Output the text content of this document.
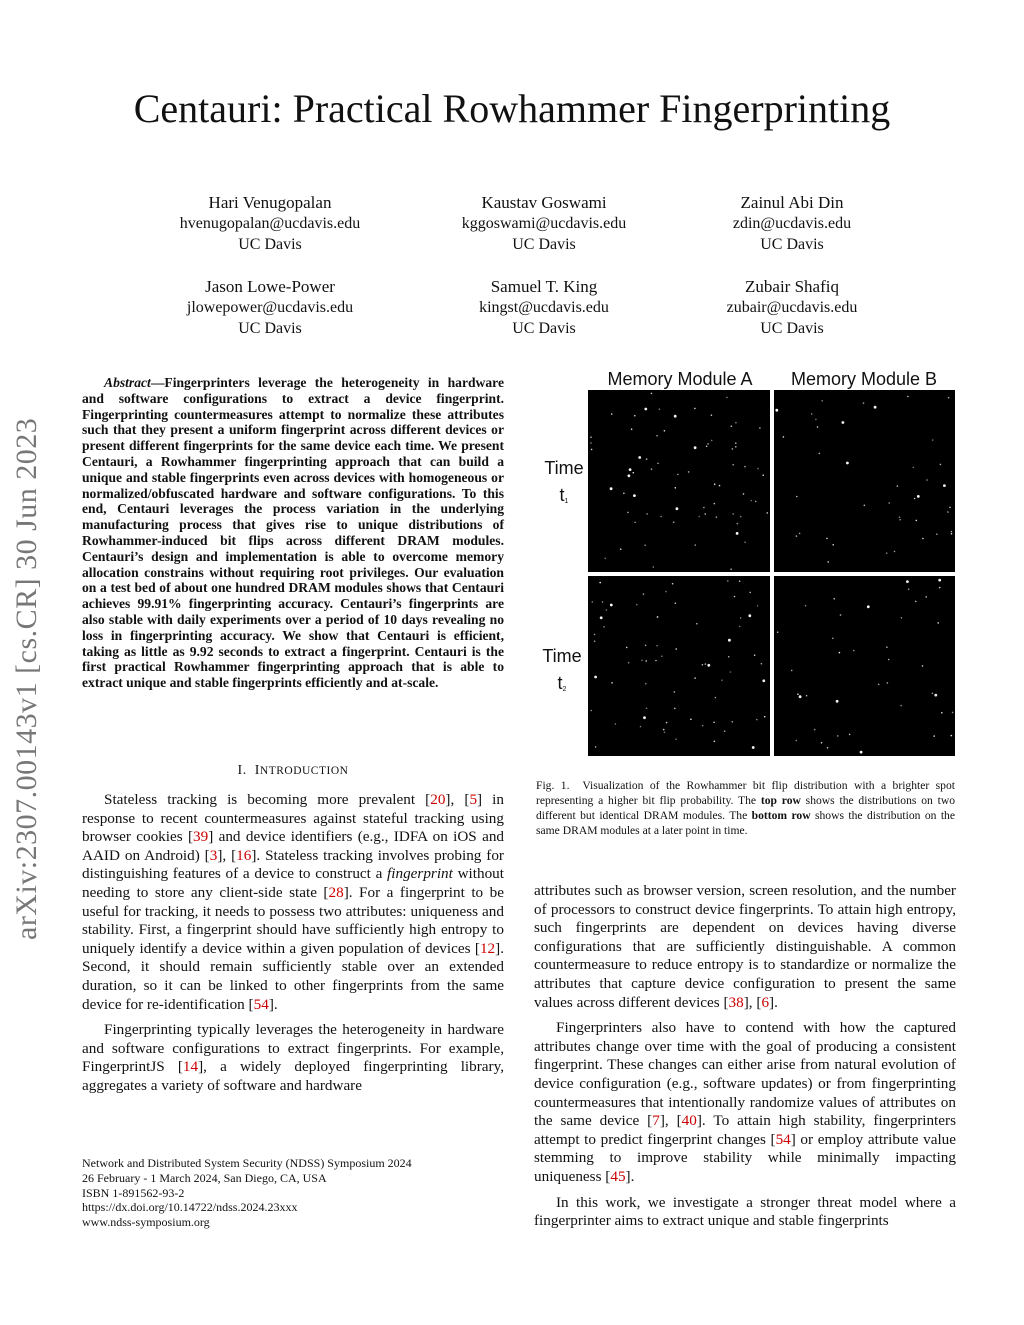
Centauri: Practical Rowhammer Fingerprinting
Hari Venugopalan
hvenugopalan@ucdavis.edu
UC Davis
Kaustav Goswami
kggoswami@ucdavis.edu
UC Davis
Zainul Abi Din
zdin@ucdavis.edu
UC Davis
Jason Lowe-Power
jlowepower@ucdavis.edu
UC Davis
Samuel T. King
kingst@ucdavis.edu
UC Davis
Zubair Shafiq
zubair@ucdavis.edu
UC Davis
arXiv:2307.00143v1 [cs.CR] 30 Jun 2023
Abstract—Fingerprinters leverage the heterogeneity in hardware and software configurations to extract a device fingerprint. Fingerprinting countermeasures attempt to normalize these attributes such that they present a uniform fingerprint across different devices or present different fingerprints for the same device each time. We present Centauri, a Rowhammer fingerprinting approach that can build a unique and stable fingerprints even across devices with homogeneous or normalized/obfuscated hardware and software configurations. To this end, Centauri leverages the process variation in the underlying manufacturing process that gives rise to unique distributions of Rowhammer-induced bit flips across different DRAM modules. Centauri’s design and implementation is able to overcome memory allocation constrains without requiring root privileges. Our evaluation on a test bed of about one hundred DRAM modules shows that Centauri achieves 99.91% fingerprinting accuracy. Centauri’s fingerprints are also stable with daily experiments over a period of 10 days revealing no loss in fingerprinting accuracy. We show that Centauri is efficient, taking as little as 9.92 seconds to extract a fingerprint. Centauri is the first practical Rowhammer fingerprinting approach that is able to extract unique and stable fingerprints efficiently and at-scale.
I. INTRODUCTION

Stateless tracking is becoming more prevalent [20], [5] in response to recent countermeasures against stateful tracking using browser cookies [39] and device identifiers (e.g., IDFA on iOS and AAID on Android) [3], [16]. Stateless tracking involves probing for distinguishing features of a device to construct a fingerprint without needing to store any client-side state [28]. For a fingerprint to be useful for tracking, it needs to possess two attributes: uniqueness and stability. First, a fingerprint should have sufficiently high entropy to uniquely identify a device within a given population of devices [12]. Second, it should remain sufficiently stable over an extended duration, so it can be linked to other fingerprints from the same device for re-identification [54].

Fingerprinting typically leverages the heterogeneity in hardware and software configurations to extract fingerprints. For example, FingerprintJS [14], a widely deployed fingerprinting library, aggregates a variety of software and hardware

Network and Distributed System Security (NDSS) Symposium 2024
26 February - 1 March 2024, San Diego, CA, USA
ISBN 1-891562-93-2
https://dx.doi.org/10.14722/ndss.2024.23xxx
www.ndss-symposium.org
Memory Module A	Memory Module B
Time
$t_1$
Time
$t_2$
Fig. 1. Visualization of the Rowhammer bit flip distribution with a brighter spot representing a higher bit flip probability. The top row shows the distributions on two different but identical DRAM modules. The bottom row shows the distribution on the same DRAM modules at a later point in time.

attributes such as browser version, screen resolution, and the number of processors to construct device fingerprints. To attain high entropy, such fingerprints are dependent on devices having diverse configurations that are sufficiently distinguishable. A common countermeasure to reduce entropy is to standardize or normalize the attributes that capture device configuration to present the same values across different devices [38], [6].

Fingerprinters also have to contend with how the captured attributes change over time with the goal of producing a consistent fingerprint. These changes can either arise from natural evolution of device configuration (e.g., software updates) or from fingerprinting countermeasures that intentionally randomize values of attributes on the same device [7], [40]. To attain high stability, fingerprinters attempt to predict fingerprint changes [54] or employ attribute value stemming to improve stability while minimally impacting uniqueness [45].

In this work, we investigate a stronger threat model where a fingerprinter aims to extract unique and stable fingerprints
